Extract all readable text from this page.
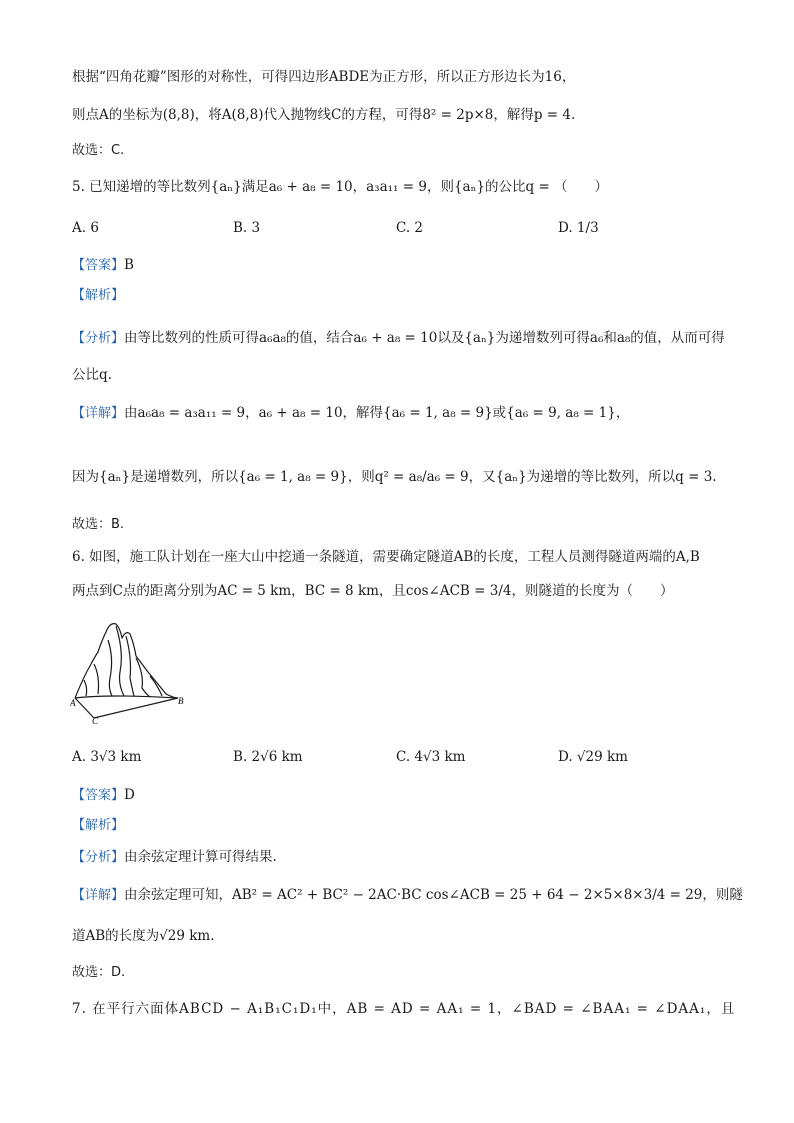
根据“四角花瓣”图形的对称性，可得四边形ABDE为正方形，所以正方形边长为16，
则点A的坐标为(8,8)，将A(8,8)代入抛物线C的方程，可得8² = 2p×8，解得p = 4.
故选：C.
5. 已知递增的等比数列{aₙ}满足a₆ + a₈ = 10，a₃a₁₁ = 9，则{aₙ}的公比q = （　　）
A. 6	B. 3	C. 2	D. 1/3
【答案】B
【解析】
【分析】由等比数列的性质可得a₆a₈的值，结合a₆ + a₈ = 10以及{aₙ}为递增数列可得a₆和a₈的值，从而可得公比q.
【详解】由a₆a₈ = a₃a₁₁ = 9，a₆ + a₈ = 10，解得{a₆ = 1, a₈ = 9}或{a₆ = 9, a₈ = 1}，
因为{aₙ}是递增数列，所以{a₆ = 1, a₈ = 9}，则q² = a₈/a₆ = 9，又{aₙ}为递增的等比数列，所以q = 3.
故选：B.
6. 如图，施工队计划在一座大山中挖通一条隧道，需要确定隧道AB的长度，工程人员测得隧道两端的A,B
两点到C点的距离分别为AC = 5 km，BC = 8 km，且cos∠ACB = 3/4，则隧道的长度为（　　）
A	B
C
A. 3√3 km	B. 2√6 km	C. 4√3 km	D. √29 km
【答案】D
【解析】
【分析】由余弦定理计算可得结果.
【详解】由余弦定理可知，AB² = AC² + BC² − 2AC·BC cos∠ACB = 25 + 64 − 2×5×8×3/4 = 29，则隧
道AB的长度为√29 km.
故选：D.
7. 在平行六面体ABCD − A₁B₁C₁D₁中，AB = AD = AA₁ = 1，∠BAD = ∠BAA₁ = ∠DAA₁，且
